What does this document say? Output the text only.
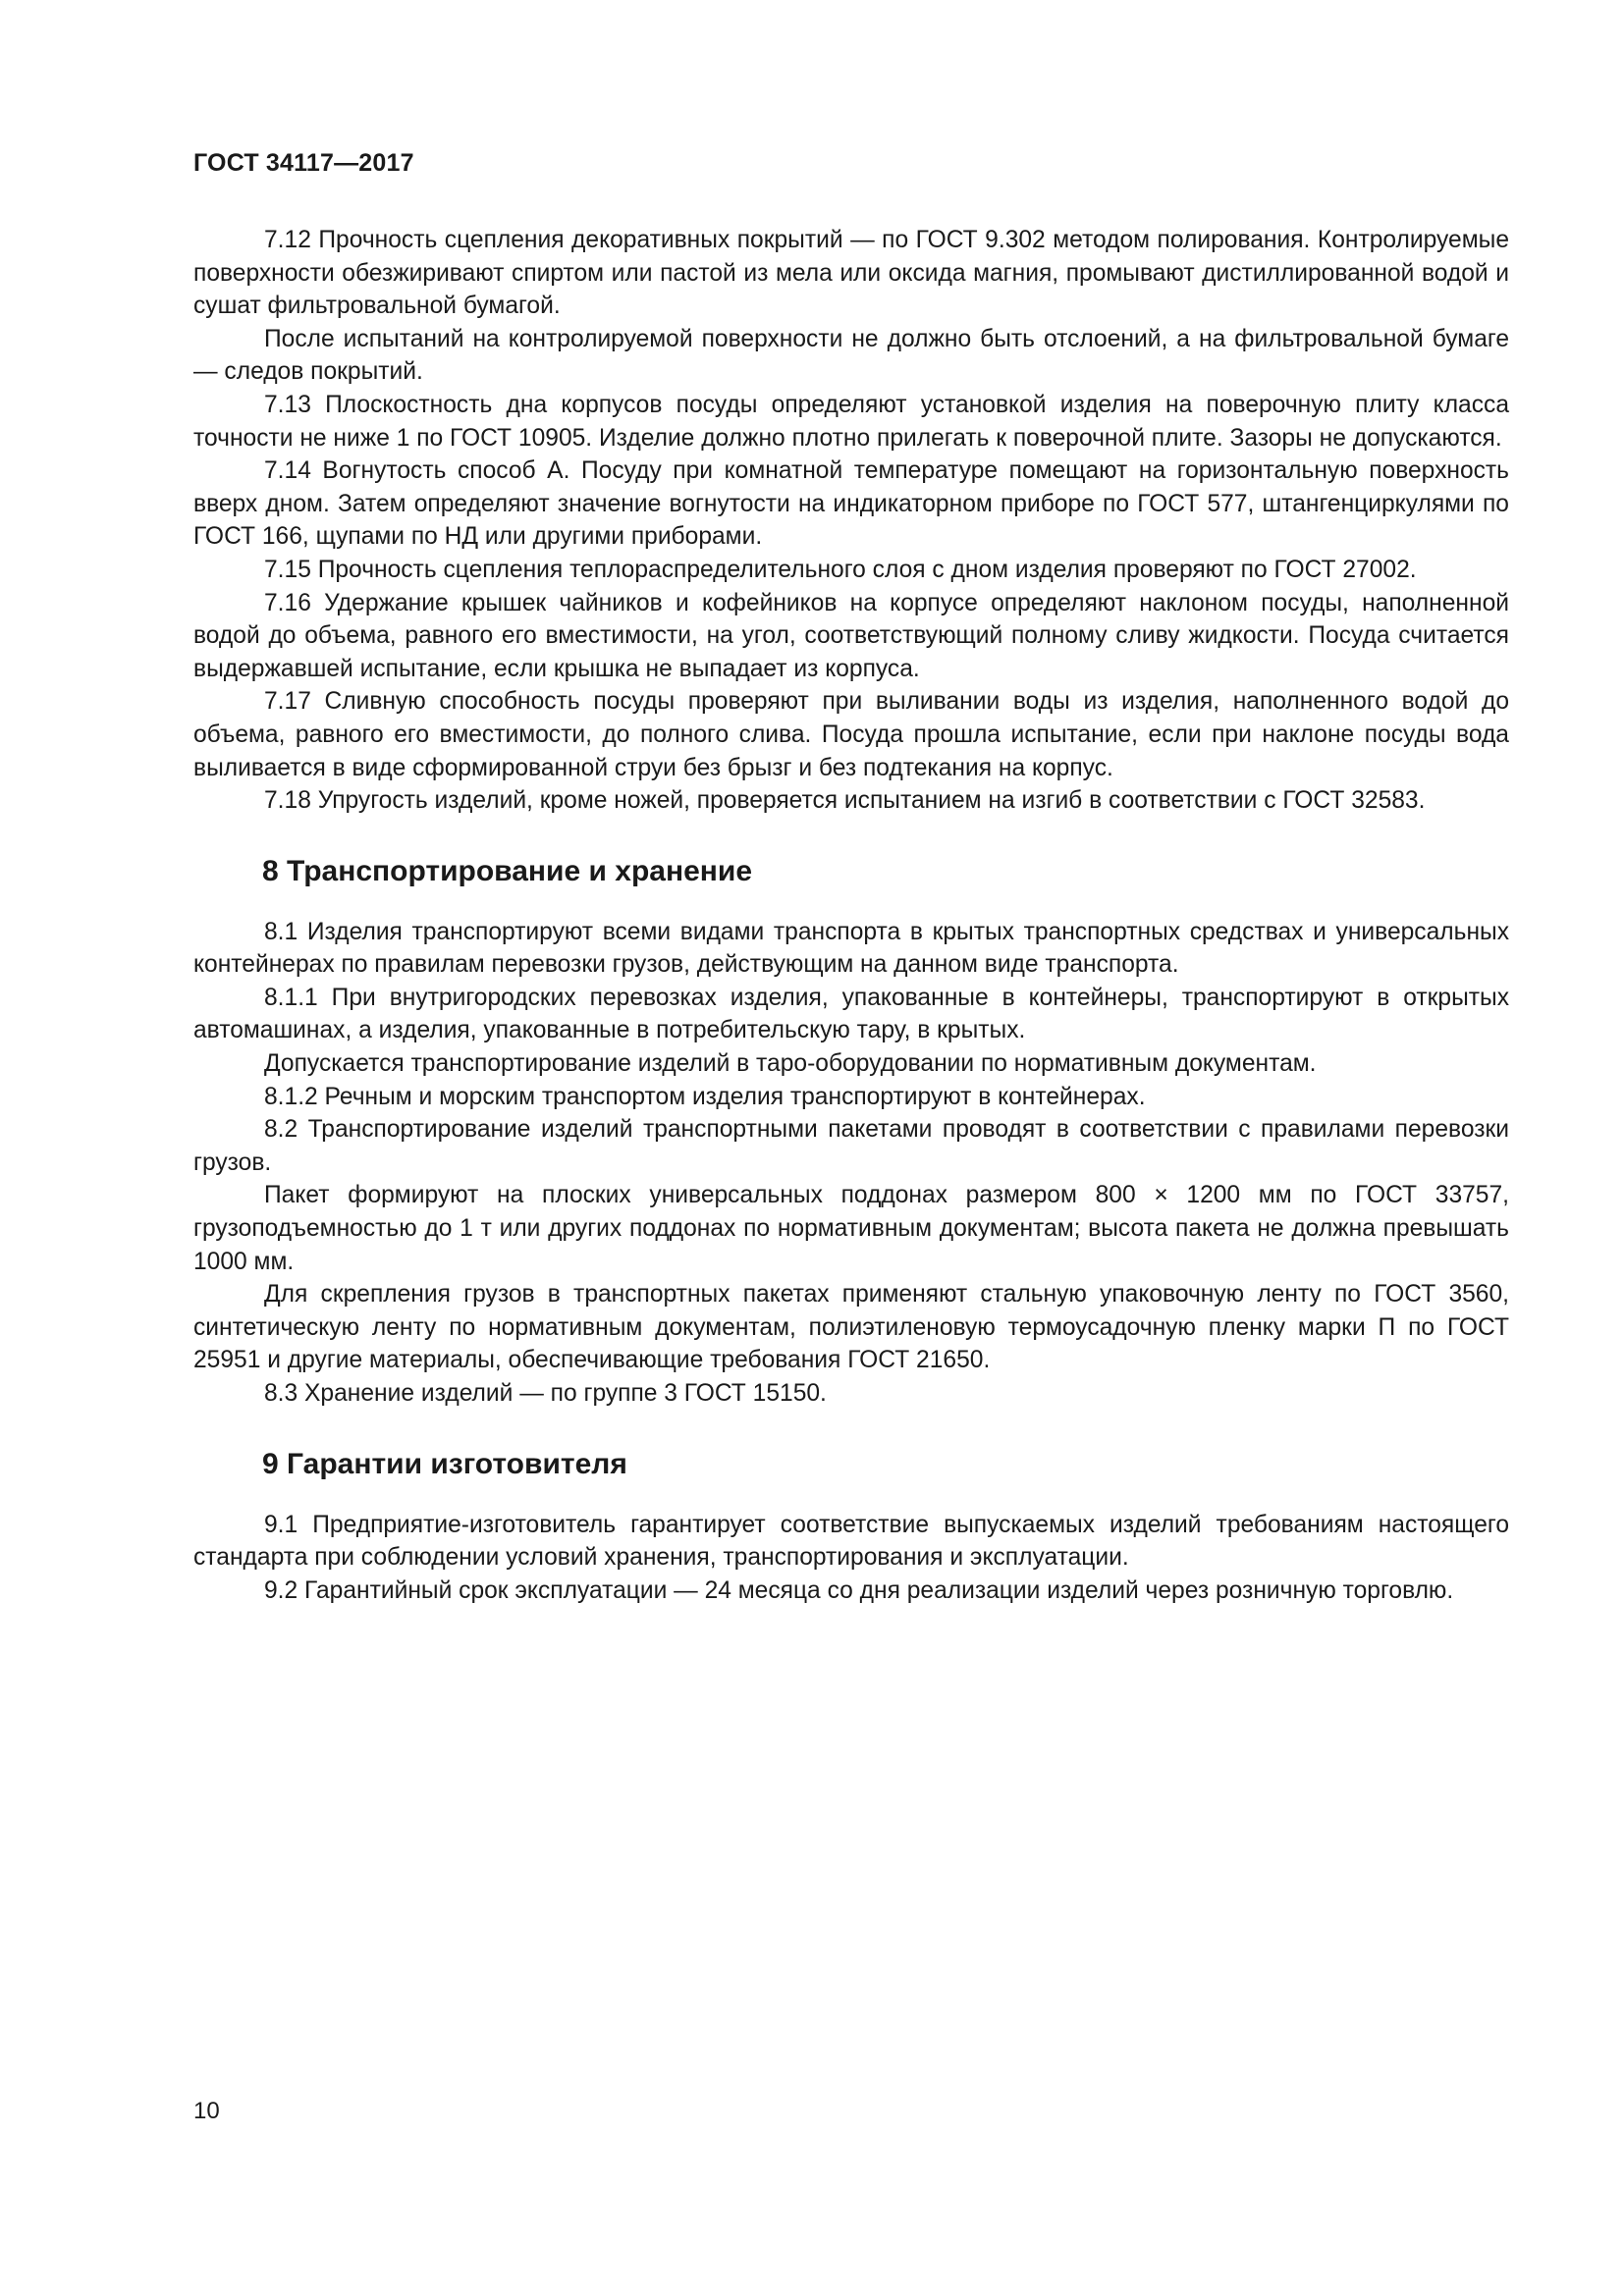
ГОСТ 34117—2017

7.12 Прочность сцепления декоративных покрытий — по ГОСТ 9.302 методом полирования. Контролируемые поверхности обезжиривают спиртом или пастой из мела или оксида магния, промывают дистиллированной водой и сушат фильтровальной бумагой.

После испытаний на контролируемой поверхности не должно быть отслоений, а на фильтровальной бумаге — следов покрытий.

7.13 Плоскостность дна корпусов посуды определяют установкой изделия на поверочную плиту класса точности не ниже 1 по ГОСТ 10905. Изделие должно плотно прилегать к поверочной плите. Зазоры не допускаются.

7.14 Вогнутость способ А. Посуду при комнатной температуре помещают на горизонтальную поверхность вверх дном. Затем определяют значение вогнутости на индикаторном приборе по ГОСТ 577, штангенциркулями по ГОСТ 166, щупами по НД или другими приборами.

7.15 Прочность сцепления теплораспределительного слоя с дном изделия проверяют по ГОСТ 27002.

7.16 Удержание крышек чайников и кофейников на корпусе определяют наклоном посуды, наполненной водой до объема, равного его вместимости, на угол, соответствующий полному сливу жидкости. Посуда считается выдержавшей испытание, если крышка не выпадает из корпуса.

7.17 Сливную способность посуды проверяют при выливании воды из изделия, наполненного водой до объема, равного его вместимости, до полного слива. Посуда прошла испытание, если при наклоне посуды вода выливается в виде сформированной струи без брызг и без подтекания на корпус.

7.18 Упругость изделий, кроме ножей, проверяется испытанием на изгиб в соответствии с ГОСТ 32583.

8 Транспортирование и хранение

8.1 Изделия транспортируют всеми видами транспорта в крытых транспортных средствах и универсальных контейнерах по правилам перевозки грузов, действующим на данном виде транспорта.

8.1.1 При внутригородских перевозках изделия, упакованные в контейнеры, транспортируют в открытых автомашинах, а изделия, упакованные в потребительскую тару, в крытых.

Допускается транспортирование изделий в таро-оборудовании по нормативным документам.

8.1.2 Речным и морским транспортом изделия транспортируют в контейнерах.

8.2 Транспортирование изделий транспортными пакетами проводят в соответствии с правилами перевозки грузов.

Пакет формируют на плоских универсальных поддонах размером 800 × 1200 мм по ГОСТ 33757, грузоподъемностью до 1 т или других поддонах по нормативным документам; высота пакета не должна превышать 1000 мм.

Для скрепления грузов в транспортных пакетах применяют стальную упаковочную ленту по ГОСТ 3560, синтетическую ленту по нормативным документам, полиэтиленовую термоусадочную пленку марки П по ГОСТ 25951 и другие материалы, обеспечивающие требования ГОСТ 21650.

8.3 Хранение изделий — по группе 3 ГОСТ 15150.

9 Гарантии изготовителя

9.1 Предприятие-изготовитель гарантирует соответствие выпускаемых изделий требованиям настоящего стандарта при соблюдении условий хранения, транспортирования и эксплуатации.

9.2 Гарантийный срок эксплуатации — 24 месяца со дня реализации изделий через розничную торговлю.

10
